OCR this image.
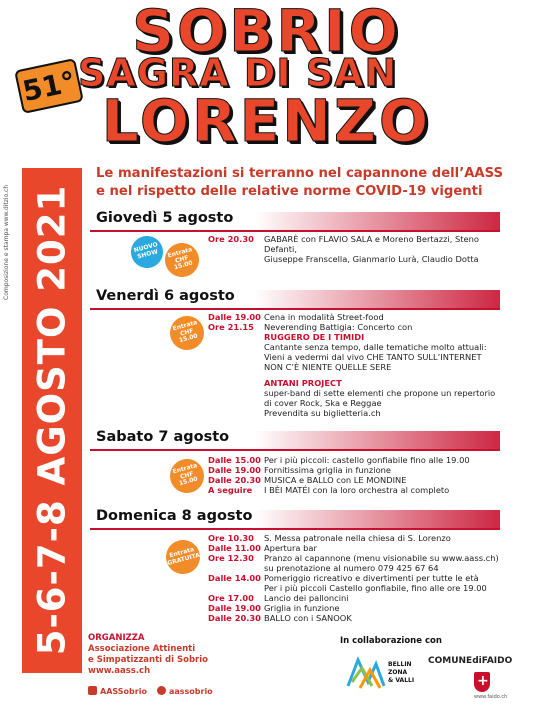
SOBRIO
51° SAGRA DI SAN
LORENZO
Composizione e stampa www.ditzio.ch 5-6-7-8 AGOSTO 2021
Le manifestazioni si terranno nel capannone dell’AASS
e nel rispetto delle relative norme COVID-19 vigenti
Giovedì 5 agosto
NUOVO SHOW	Entrata CHF 15.00
Ore 20.30	GABARÈ con FLAVIO SALA e Moreno Bertazzi, Steno Defanti,
Giuseppe Franscella, Gianmario Lurà, Claudio Dotta
Venerdì 6 agosto
Entrata CHF 15.00
Dalle 19.00 Cena in modalità Street-food
Ore 21.15	Neverending Battigia: Concerto con
RUGGERO DE I TIMIDI
Cantante senza tempo, dalle tematiche molto attuali:
Vieni a vedermi dal vivo CHE TANTO SULL’INTERNET
NON C’È NIENTE QUELLE SERE
ANTANI PROJECT
super-band di sette elementi che propone un repertorio
di cover Rock, Ska e Reggae
Prevendita su biglietteria.ch
Sabato 7 agosto
Entrata CHF 15.00
Dalle 15.00 Per i più piccoli: castello gonfiabile fino alle 19.00
Dalle 19.00 Fornitissima griglia in funzione
Dalle 20.30 MUSICA e BALLO con LE MONDINE
A seguire	I BÈI MATÉI con la loro orchestra al completo
Domenica 8 agosto
Entrata GRATUITA
Ore 10.30	S. Messa patronale nella chiesa di S. Lorenzo
Dalle 11.00 Apertura bar
Ore 12.30	Pranzo al capannone (menu visionabile su www.aass.ch)
su prenotazione al numero 079 425 67 64
Dalle 14.00 Pomeriggio ricreativo e divertimenti per tutte le età
Per i più piccoli Castello gonfiabile, fino alle ore 19.00
Ore 17.00	Lancio dei palloncini
Dalle 19.00 Griglia in funzione
Dalle 20.30 BALLO con i SANOOK
ORGANIZZA
Associazione Attinenti
e Simpatizzanti di Sobrio
www.aass.ch
AASSobrio	aassobrio
In collaborazione con
BELLIN
ZONA
& VALLI
COMUNEdiFAIDO
+
www.faido.ch
